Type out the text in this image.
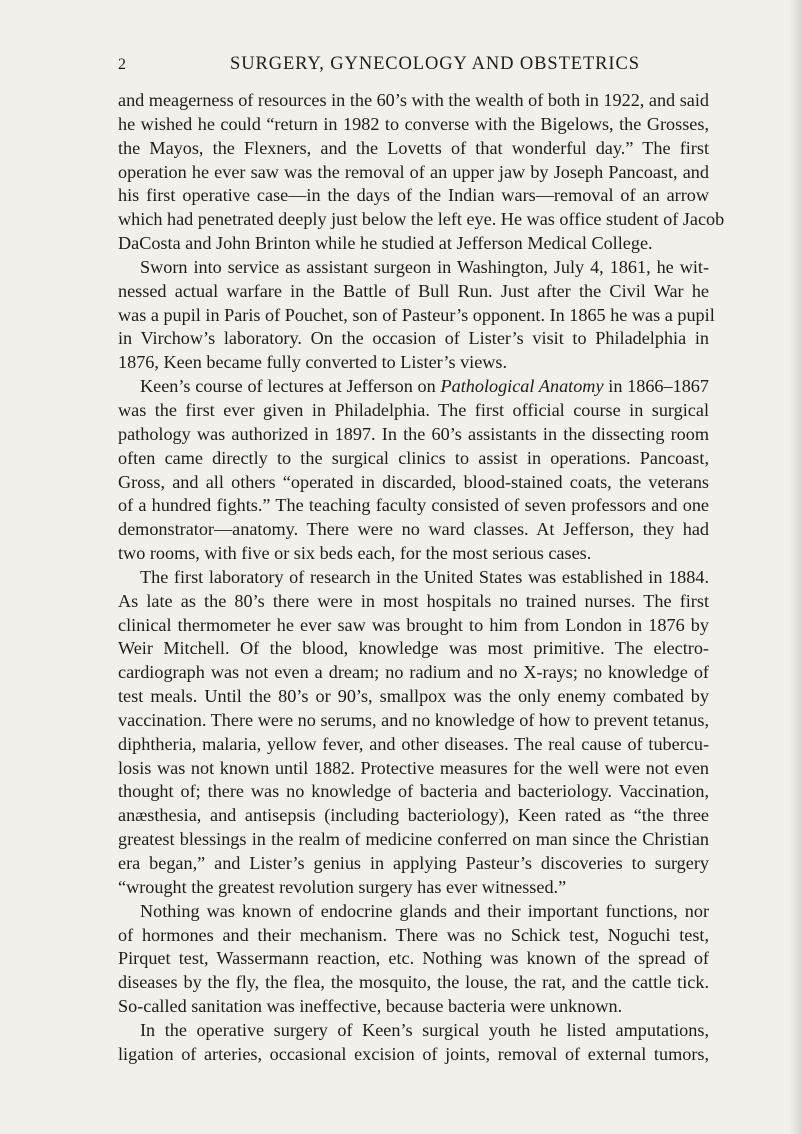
2	SURGERY, GYNECOLOGY AND OBSTETRICS
and meagerness of resources in the 60’s with the wealth of both in 1922, and said
he wished he could “return in 1982 to converse with the Bigelows, the Grosses,
the Mayos, the Flexners, and the Lovetts of that wonderful day.” The first
operation he ever saw was the removal of an upper jaw by Joseph Pancoast, and
his first operative case—in the days of the Indian wars—removal of an arrow
which had penetrated deeply just below the left eye. He was office student of Jacob
DaCosta and John Brinton while he studied at Jefferson Medical College.
Sworn into service as assistant surgeon in Washington, July 4, 1861, he wit-
nessed actual warfare in the Battle of Bull Run. Just after the Civil War he
was a pupil in Paris of Pouchet, son of Pasteur’s opponent. In 1865 he was a pupil
in Virchow’s laboratory. On the occasion of Lister’s visit to Philadelphia in
1876, Keen became fully converted to Lister’s views.
Keen’s course of lectures at Jefferson on Pathological Anatomy in 1866–1867
was the first ever given in Philadelphia. The first official course in surgical
pathology was authorized in 1897. In the 60’s assistants in the dissecting room
often came directly to the surgical clinics to assist in operations. Pancoast,
Gross, and all others “operated in discarded, blood-stained coats, the veterans
of a hundred fights.” The teaching faculty consisted of seven professors and one
demonstrator—anatomy. There were no ward classes. At Jefferson, they had
two rooms, with five or six beds each, for the most serious cases.
The first laboratory of research in the United States was established in 1884.
As late as the 80’s there were in most hospitals no trained nurses. The first
clinical thermometer he ever saw was brought to him from London in 1876 by
Weir Mitchell. Of the blood, knowledge was most primitive. The electro-
cardiograph was not even a dream; no radium and no X-rays; no knowledge of
test meals. Until the 80’s or 90’s, smallpox was the only enemy combated by
vaccination. There were no serums, and no knowledge of how to prevent tetanus,
diphtheria, malaria, yellow fever, and other diseases. The real cause of tubercu-
losis was not known until 1882. Protective measures for the well were not even
thought of; there was no knowledge of bacteria and bacteriology. Vaccination,
anæsthesia, and antisepsis (including bacteriology), Keen rated as “the three
greatest blessings in the realm of medicine conferred on man since the Christian
era began,” and Lister’s genius in applying Pasteur’s discoveries to surgery
“wrought the greatest revolution surgery has ever witnessed.”
Nothing was known of endocrine glands and their important functions, nor
of hormones and their mechanism. There was no Schick test, Noguchi test,
Pirquet test, Wassermann reaction, etc. Nothing was known of the spread of
diseases by the fly, the flea, the mosquito, the louse, the rat, and the cattle tick.
So-called sanitation was ineffective, because bacteria were unknown.
In the operative surgery of Keen’s surgical youth he listed amputations,
ligation of arteries, occasional excision of joints, removal of external tumors,
